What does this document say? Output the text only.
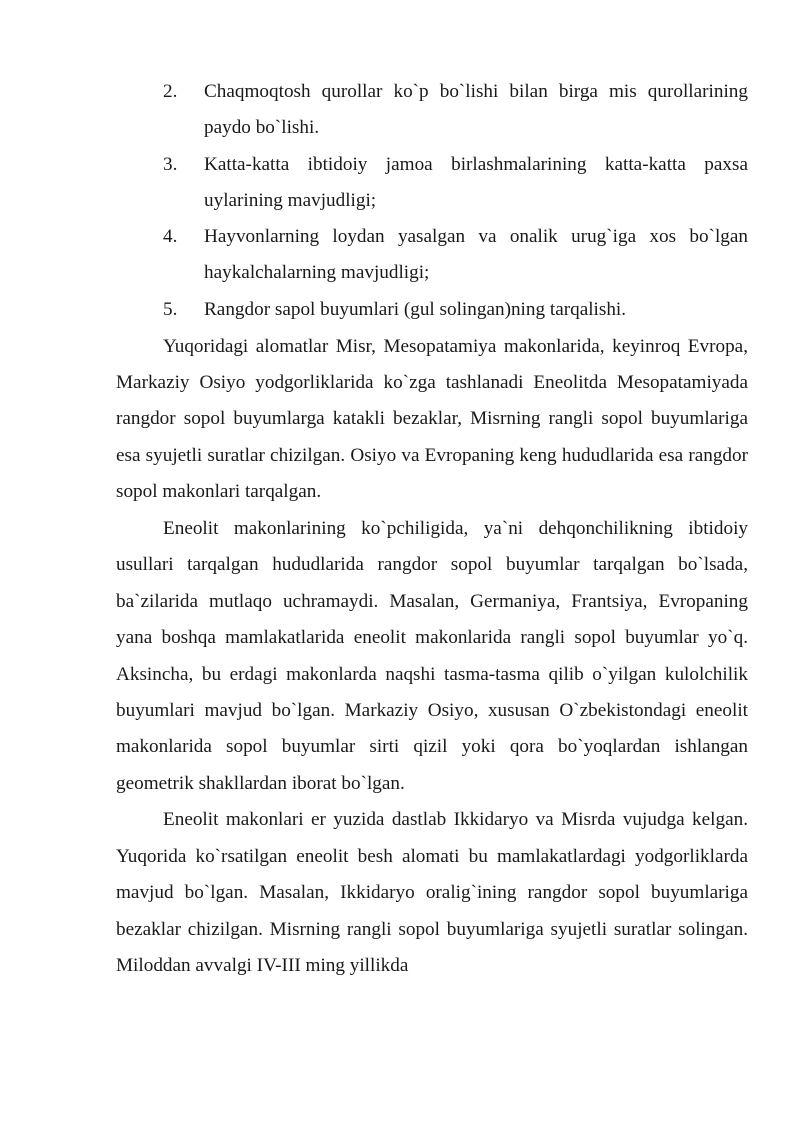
2.	Chaqmoqtosh qurollar ko`p bo`lishi bilan birga mis qurollarining paydo bo`lishi.
3.	Katta-katta ibtidoiy jamoa birlashmalarining katta-katta paxsa uylarining mavjudligi;
4.	Hayvonlarning loydan yasalgan va onalik urug`iga xos bo`lgan haykalchalarning mavjudligi;
5.	Rangdor sapol buyumlari (gul solingan)ning tarqalishi.

Yuqoridagi alomatlar Misr, Mesopatamiya makonlarida, keyinroq Evropa, Markaziy Osiyo yodgorliklarida ko`zga tashlanadi Eneolitda Mesopatamiyada rangdor sopol buyumlarga katakli bezaklar, Misrning rangli sopol buyumlariga esa syujetli suratlar chizilgan. Osiyo va Evropaning keng hududlarida esa rangdor sopol makonlari tarqalgan.

Eneolit makonlarining ko`pchiligida, ya`ni dehqonchilikning ibtidoiy usullari tarqalgan hududlarida rangdor sopol buyumlar tarqalgan bo`lsada, ba`zilarida mutlaqo uchramaydi. Masalan, Germaniya, Frantsiya, Evropaning yana boshqa mamlakatlarida eneolit makonlarida rangli sopol buyumlar yo`q. Aksincha, bu erdagi makonlarda naqshi tasma-tasma qilib o`yilgan kulolchilik buyumlari mavjud bo`lgan. Markaziy Osiyo, xususan O`zbekistondagi eneolit makonlarida sopol buyumlar sirti qizil yoki qora bo`yoqlardan ishlangan geometrik shakllardan iborat bo`lgan.

Eneolit makonlari er yuzida dastlab Ikkidaryo va Misrda vujudga kelgan. Yuqorida ko`rsatilgan eneolit besh alomati bu mamlakatlardagi yodgorliklarda mavjud bo`lgan. Masalan, Ikkidaryo oralig`ining rangdor sopol buyumlariga bezaklar chizilgan. Misrning rangli sopol buyumlariga syujetli suratlar solingan. Miloddan avvalgi IV-III ming yillikda
